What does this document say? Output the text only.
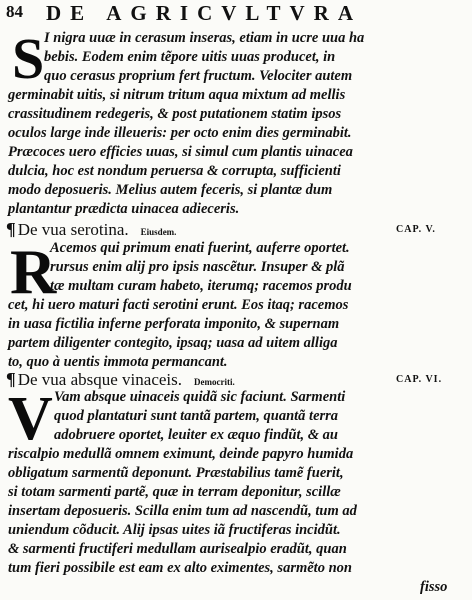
84 DE AGRICVLTVRA
S I nigra uuæ in cerasum inseras, etiam in ucre uua ha
bebis. Eodem enim tẽpore uitis uuas producet, in
quo cerasus proprium fert fructum. Velociter autem
germinabit uitis, si nitrum tritum aqua mixtum ad mellis
crassitudinem redegeris, & post putationem statim ipsos
oculos large inde illeueris: per octo enim dies germinabit.
Præcoces uero efficies uuas, si simul cum plantis uinacea
dulcia, hoc est nondum peruersa & corrupta, sufficienti
modo deposueris. Melius autem feceris, si plantæ dum
plantantur prædicta uinacea adieceris.
¶ De vua serotina. Eiusdem.	CAP. V.
R
Acemos qui primum enati fuerint, auferre oportet.
rursus enim alij pro ipsis nascẽtur. Insuper & plã
tæ multam curam habeto, iterumq; racemos produ
cet, hi uero maturi facti serotini erunt. Eos itaq; racemos
in uasa fictilia inferne perforata imponito, & supernam
partem diligenter contegito, ipsaq; uasa ad uitem alliga
to, quo à uentis immota permancant.
¶ De vua absque vinaceis. Democriti.	CAP. VI.
V Vam absque uinaceis quidã sic faciunt. Sarmenti
quod plantaturi sunt tantã partem, quantã terra
adobruere oportet, leuiter ex æquo findũt, & au
riscalpio medullã omnem eximunt, deinde papyro humida
obligatum sarmentũ deponunt. Præstabilius tamẽ fuerit,
si totam sarmenti partẽ, quæ in terram deponitur, scillæ
insertam deposueris. Scilla enim tum ad nascendũ, tum ad
uniendum cõducit. Alij ipsas uites iã fructiferas incidũt.
& sarmenti fructiferi medullam aurisealpio eradũt, quan
tum fieri possibile est eam ex alto eximentes, sarmẽto non
fisso
